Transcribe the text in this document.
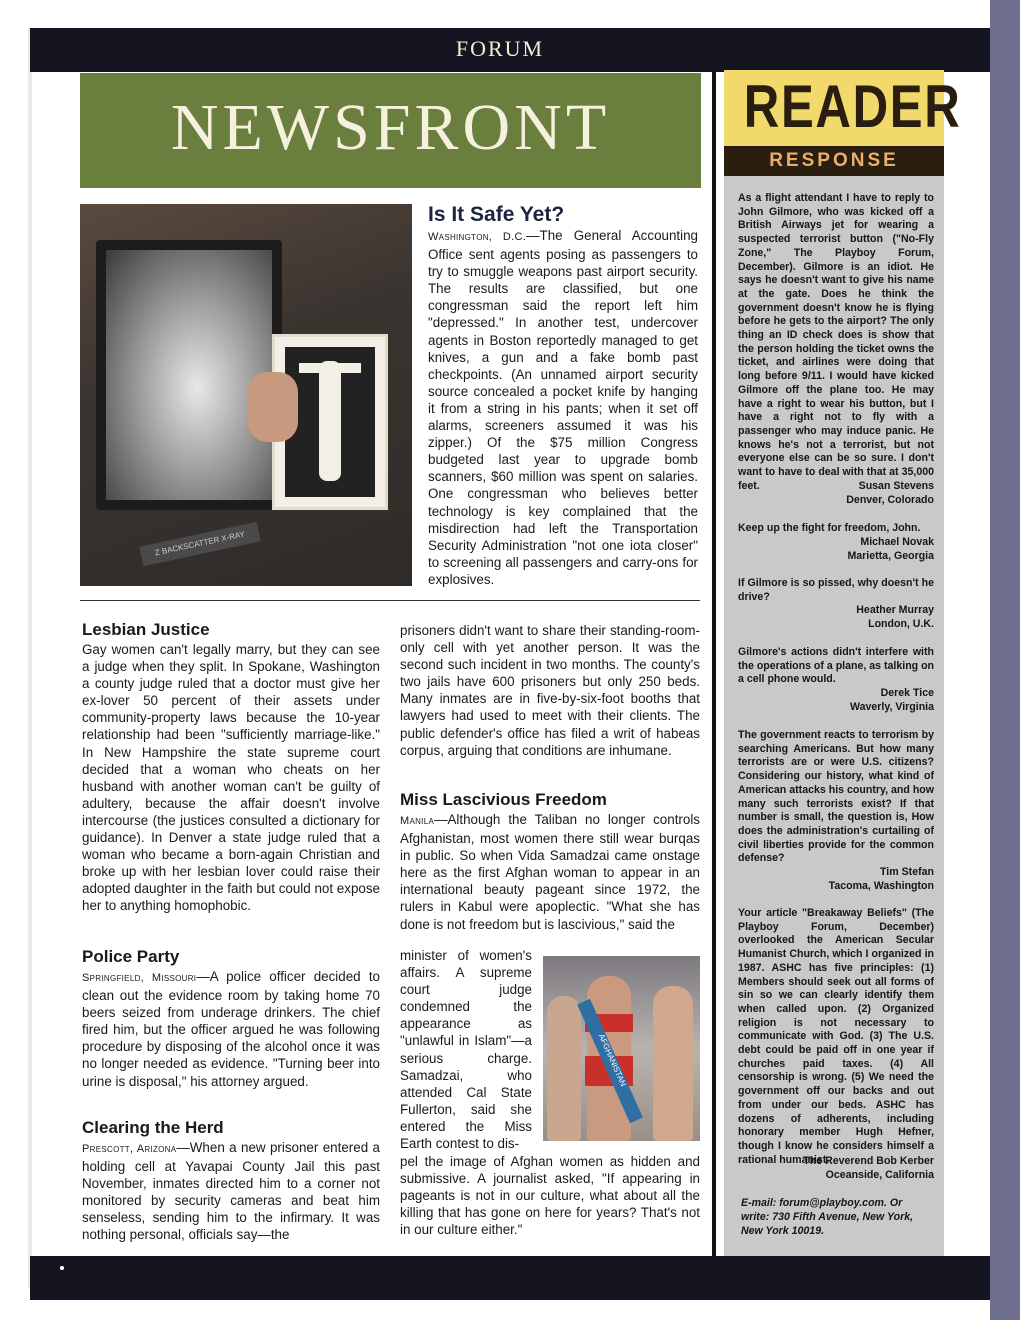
FORUM
NEWSFRONT	READER
RESPONSE
Z BACKSCATTER X-RAY
Is It Safe Yet?

Washington, D.C.—The General Accounting Office sent agents posing as passengers to try to smuggle weapons past airport security. The results are classified, but one congressman said the report left him "depressed." In another test, undercover agents in Boston reportedly managed to get knives, a gun and a fake bomb past checkpoints. (An unnamed airport security source concealed a pocket knife by hanging it from a string in his pants; when it set off alarms, screeners assumed it was his zipper.) Of the $75 million Congress budgeted last year to upgrade bomb scanners, $60 million was spent on salaries. One congressman who believes better technology is key complained that the misdirection had left the Transportation Security Administration "not one iota closer" to screening all passengers and carry-ons for explosives.

Lesbian Justice

Gay women can't legally marry, but they can see a judge when they split. In Spokane, Washington a county judge ruled that a doctor must give her ex-lover 50 percent of their assets under community-property laws because the 10-year relationship had been "sufficiently marriage-like." In New Hampshire the state supreme court decided that a woman who cheats on her husband with another woman can't be guilty of adultery, because the affair doesn't involve intercourse (the justices consulted a dictionary for guidance). In Denver a state judge ruled that a woman who became a born-again Christian and broke up with her lesbian lover could raise their adopted daughter in the faith but could not expose her to anything homophobic.

Police Party

Springfield, Missouri—A police officer decided to clean out the evidence room by taking home 70 beers seized from underage drinkers. The chief fired him, but the officer argued he was following procedure by disposing of the alcohol once it was no longer needed as evidence. "Turning beer into urine is disposal," his attorney argued.

Clearing the Herd

Prescott, Arizona—When a new prisoner entered a holding cell at Yavapai County Jail this past November, inmates directed him to a corner not monitored by security cameras and beat him senseless, sending him to the infirmary. It was nothing personal, officials say—the

prisoners didn't want to share their standing-room-only cell with yet another person. It was the second such incident in two months. The county's two jails have 600 prisoners but only 250 beds. Many inmates are in five-by-six-foot booths that lawyers had used to meet with their clients. The public defender's office has filed a writ of habeas corpus, arguing that conditions are inhumane.

Miss Lascivious Freedom

Manila—Although the Taliban no longer controls Afghanistan, most women there still wear burqas in public. So when Vida Samadzai came onstage here as the first Afghan woman to appear in an international beauty pageant since 1972, the rulers in Kabul were apoplectic. "What she has done is not freedom but is lascivious," said the

minister of women's affairs. A supreme court judge condemned the appearance as "unlawful in Islam"—a serious charge. Samadzai, who attended Cal State Fullerton, said she entered the Miss Earth contest to dis-

pel the image of Afghan women as hidden and submissive. A journalist asked, "If appearing in pageants is not in our culture, what about all the killing that has gone on here for years? That's not in our culture either."

AFGHANISTAN

As a flight attendant I have to reply to John Gilmore, who was kicked off a British Airways jet for wearing a suspected terrorist button ("No-Fly Zone," The Playboy Forum, December). Gilmore is an idiot. He says he doesn't want to give his name at the gate. Does he think the government doesn't know he is flying before he gets to the airport? The only thing an ID check does is show that the person holding the ticket owns the ticket, and airlines were doing that long before 9/11. I would have kicked Gilmore off the plane too. He may have a right to wear his button, but I have a right not to fly with a passenger who may induce panic. He knows he's not a terrorist, but not everyone else can be so sure. I don't want to have to deal with that at 35,000 feet.	Susan Stevens

Denver, Colorado

Keep up the fight for freedom, John.

Michael Novak

Marietta, Georgia

If Gilmore is so pissed, why doesn't he drive?

Heather Murray

London, U.K.

Gilmore's actions didn't interfere with the operations of a plane, as talking on a cell phone would.

Derek Tice

Waverly, Virginia

The government reacts to terrorism by searching Americans. But how many terrorists are or were U.S. citizens? Considering our history, what kind of American attacks his country, and how many such terrorists exist? If that number is small, the question is, How does the administration's curtailing of civil liberties provide for the common defense?

Tim Stefan

Tacoma, Washington

Your article "Breakaway Beliefs" (The Playboy Forum, December) overlooked the American Secular Humanist Church, which I organized in 1987. ASHC has five principles: (1) Members should seek out all forms of sin so we can clearly identify them when called upon. (2) Organized religion is not necessary to communicate with God. (3) The U.S. debt could be paid off in one year if churches paid taxes. (4) All censorship is wrong. (5) We need the government off our backs and out from under our beds. ASHC has dozens of adherents, including honorary member Hugh Hefner, though I know he considers himself a rational humanist.

The Reverend Bob Kerber

Oceanside, California

E-mail: forum@playboy.com. Or write: 730 Fifth Avenue, New York, New York 10019.
